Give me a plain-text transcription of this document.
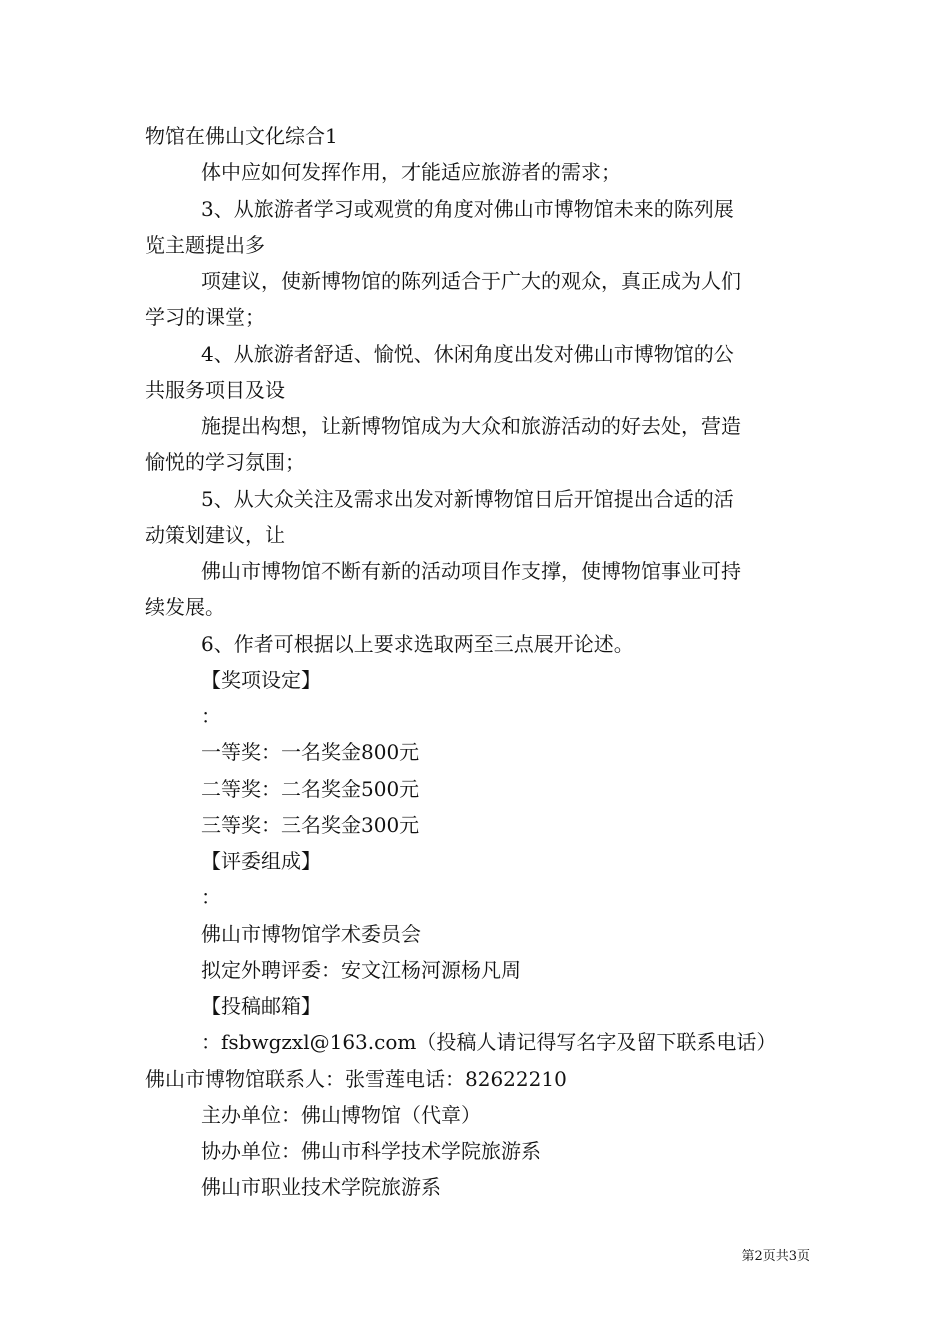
物馆在佛山文化综合1
体中应如何发挥作用，才能适应旅游者的需求；
3、从旅游者学习或观赏的角度对佛山市博物馆未来的陈列展
览主题提出多
项建议，使新博物馆的陈列适合于广大的观众，真正成为人们
学习的课堂；
4、从旅游者舒适、愉悦、休闲角度出发对佛山市博物馆的公
共服务项目及设
施提出构想，让新博物馆成为大众和旅游活动的好去处，营造
愉悦的学习氛围；
5、从大众关注及需求出发对新博物馆日后开馆提出合适的活
动策划建议，让
佛山市博物馆不断有新的活动项目作支撑，使博物馆事业可持
续发展。
6、作者可根据以上要求选取两至三点展开论述。
【奖项设定】
：
一等奖：一名奖金800元
二等奖：二名奖金500元
三等奖：三名奖金300元
【评委组成】
：
佛山市博物馆学术委员会
拟定外聘评委：安文江杨河源杨凡周
【投稿邮箱】
：fsbwgzxl@163.com（投稿人请记得写名字及留下联系电话）
佛山市博物馆联系人：张雪莲电话：82622210
主办单位：佛山博物馆（代章）
协办单位：佛山市科学技术学院旅游系
佛山市职业技术学院旅游系
第2页共3页
